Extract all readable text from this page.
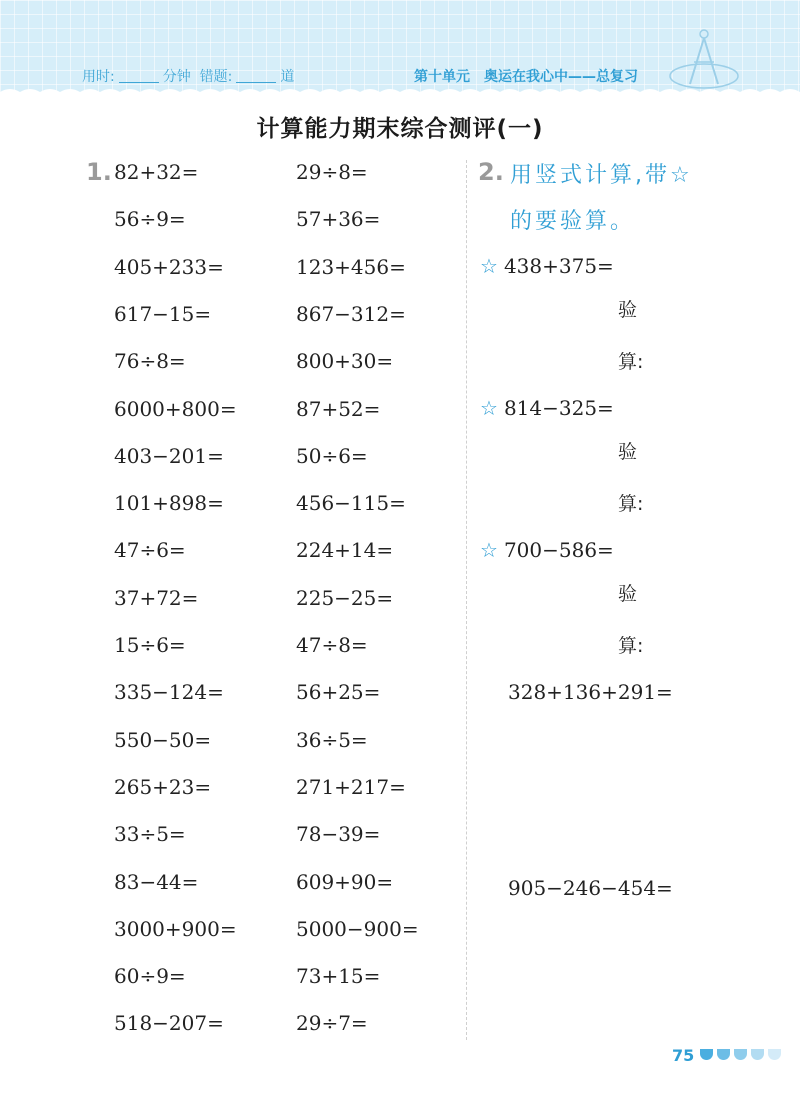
用时:	分钟 错题:	道	第十单元 奥运在我心中——总复习
计算能力期末综合测评(一)
1. 82+32=
56÷9=
405+233=
617−15=
76÷8=
6000+800=
403−201=
101+898=
47÷6=
37+72=
15÷6=
335−124=
550−50=
265+23=
33÷5=
83−44=
3000+900=
60÷9=
518−207=
29÷8=
57+36=
123+456=
867−312=
800+30=
87+52=
50÷6=
456−115=
224+14=
225−25=
47÷8=
56+25=
36÷5=
271+217=
78−39=
609+90=
5000−900=
73+15=
29÷7=
2. 用竖式计算,带☆
的要验算。
☆ 438+375=
验
算:
☆ 814−325=
验
算:
☆ 700−586=
验
算:
328+136+291=
905−246−454=
75
